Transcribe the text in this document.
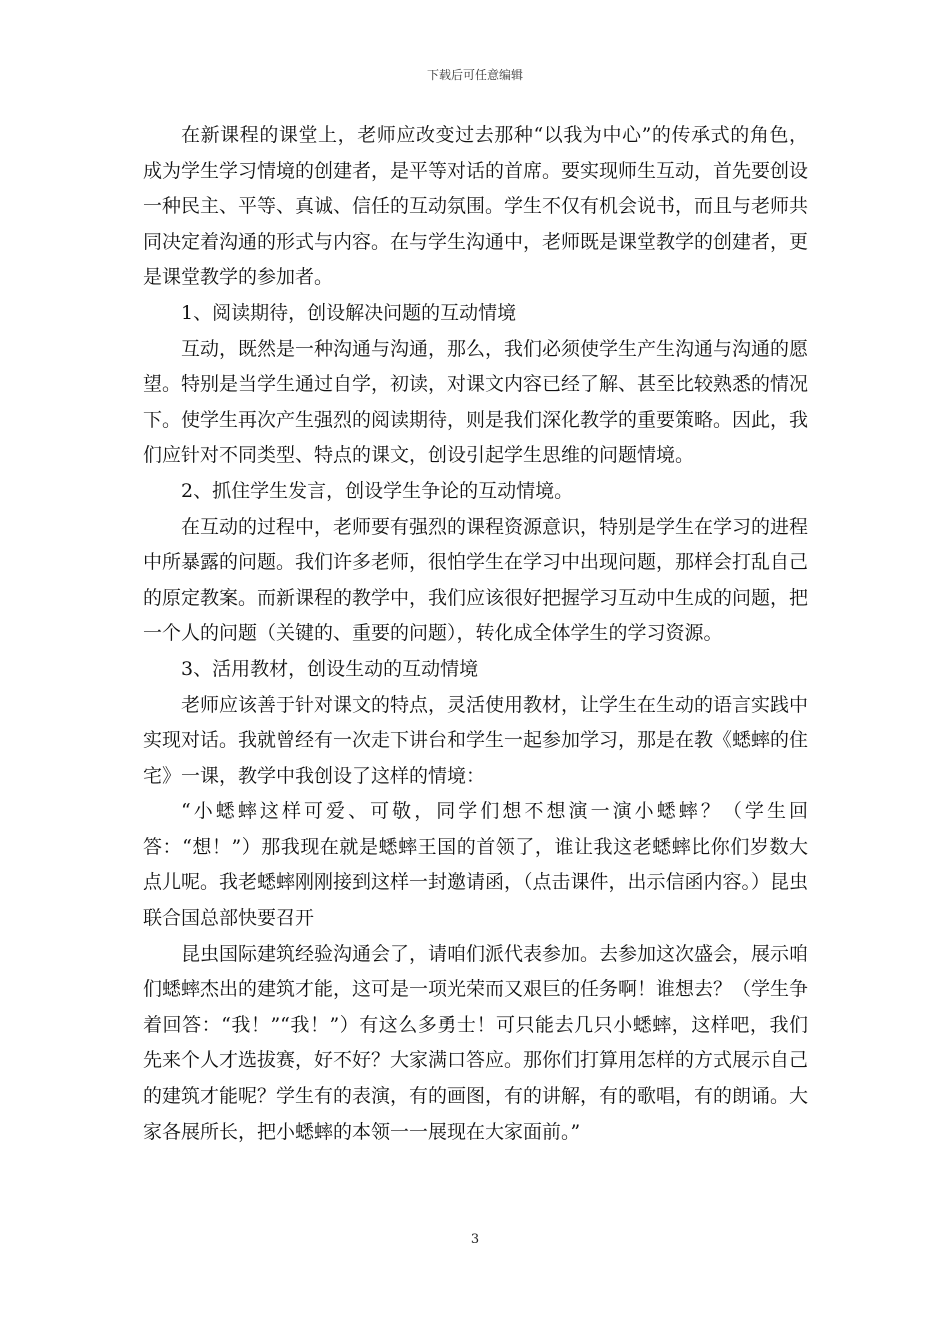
下载后可任意编辑

在新课程的课堂上，老师应改变过去那种“以我为中心”的传承式的角色，成为学生学习情境的创建者，是平等对话的首席。要实现师生互动，首先要创设一种民主、平等、真诚、信任的互动氛围。学生不仅有机会说书，而且与老师共同决定着沟通的形式与内容。在与学生沟通中，老师既是课堂教学的创建者，更是课堂教学的参加者。

1、阅读期待，创设解决问题的互动情境

互动，既然是一种沟通与沟通，那么，我们必须使学生产生沟通与沟通的愿望。特别是当学生通过自学，初读，对课文内容已经了解、甚至比较熟悉的情况下。使学生再次产生强烈的阅读期待，则是我们深化教学的重要策略。因此，我们应针对不同类型、特点的课文，创设引起学生思维的问题情境。

2、抓住学生发言，创设学生争论的互动情境。

在互动的过程中，老师要有强烈的课程资源意识，特别是学生在学习的进程中所暴露的问题。我们许多老师，很怕学生在学习中出现问题，那样会打乱自己的原定教案。而新课程的教学中，我们应该很好把握学习互动中生成的问题，把一个人的问题（关键的、重要的问题），转化成全体学生的学习资源。

3、活用教材，创设生动的互动情境

老师应该善于针对课文的特点，灵活使用教材，让学生在生动的语言实践中实现对话。我就曾经有一次走下讲台和学生一起参加学习，那是在教《蟋蟀的住宅》一课，教学中我创设了这样的情境：

“小蟋蟀这样可爱、可敬，同学们想不想演一演小蟋蟀？（学生回答：“想！”）那我现在就是蟋蟀王国的首领了，谁让我这老蟋蟀比你们岁数大点儿呢。我老蟋蟀刚刚接到这样一封邀请函，（点击课件，出示信函内容。）昆虫联合国总部快要召开

昆虫国际建筑经验沟通会了，请咱们派代表参加。去参加这次盛会，展示咱们蟋蟀杰出的建筑才能，这可是一项光荣而又艰巨的任务啊！谁想去？（学生争着回答：“我！”“我！”）有这么多勇士！可只能去几只小蟋蟀，这样吧，我们先来个人才选拔赛，好不好？大家满口答应。那你们打算用怎样的方式展示自己的建筑才能呢？学生有的表演，有的画图，有的讲解，有的歌唱，有的朗诵。大家各展所长，把小蟋蟀的本领一一展现在大家面前。”

3
